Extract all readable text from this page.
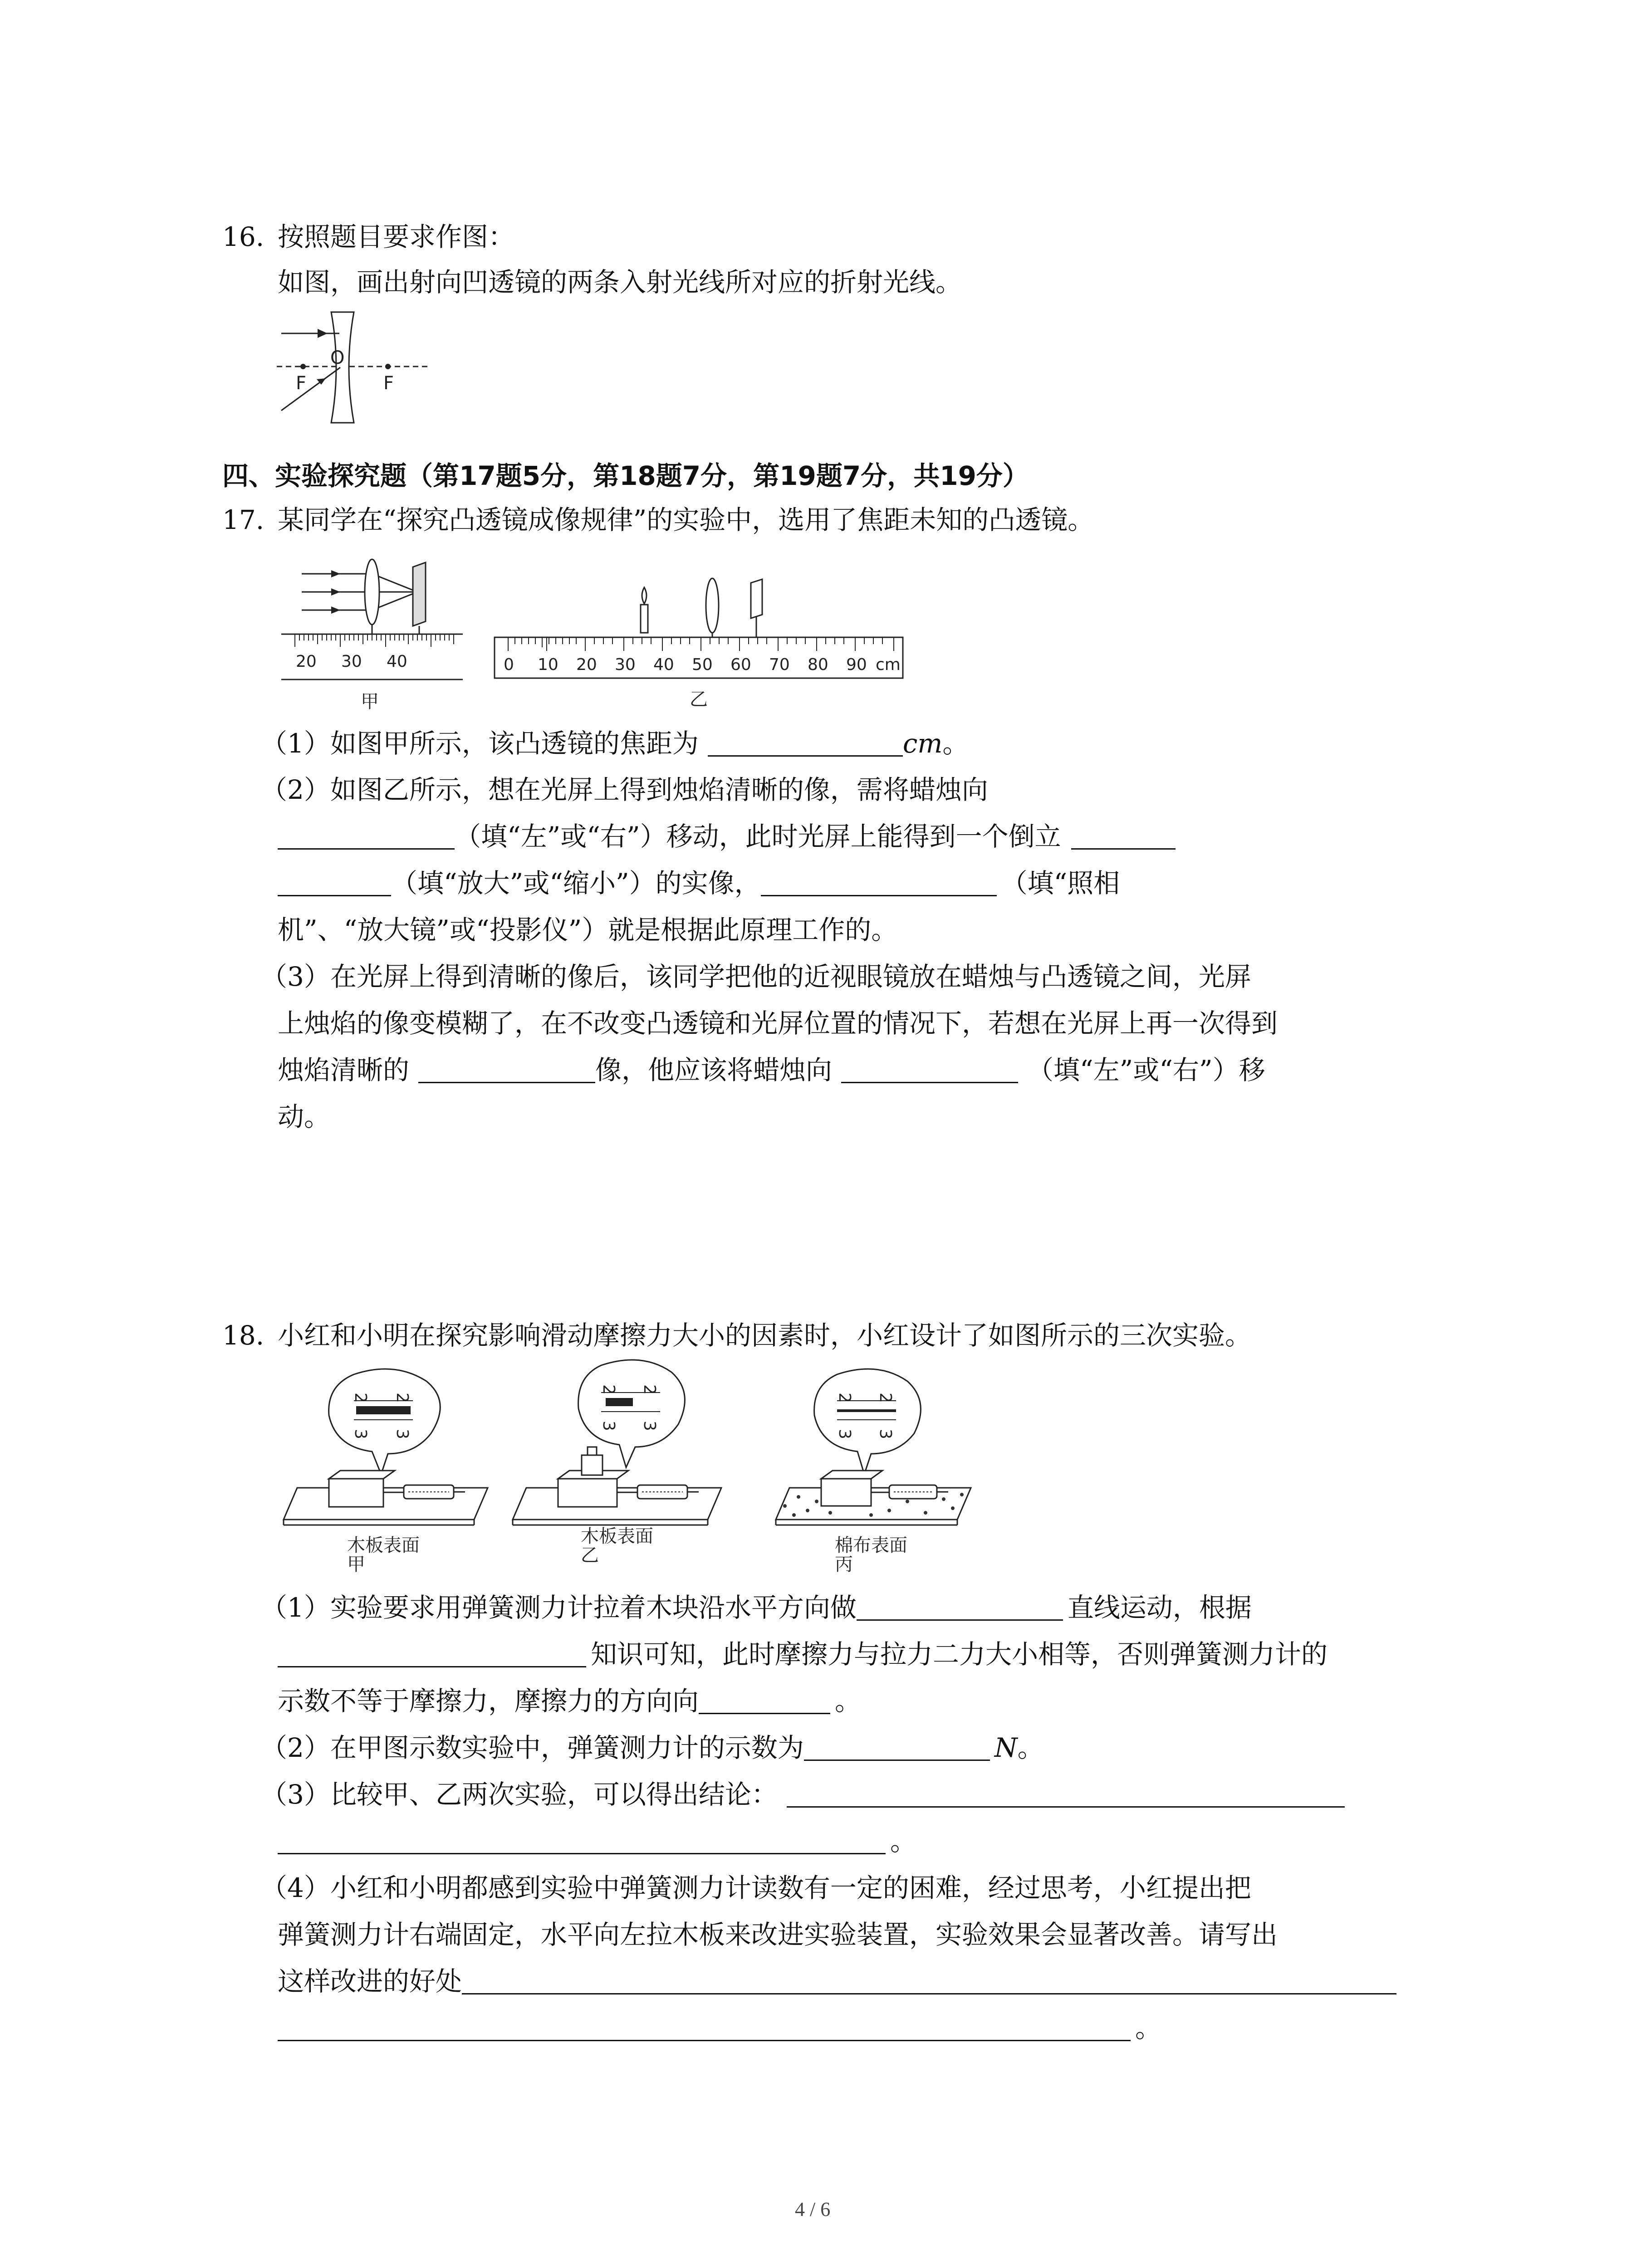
16. 按照题目要求作图：
如图，画出射向凹透镜的两条入射光线所对应的折射光线。
O
F	F
四、实验探究题（第17题5分，第18题7分，第19题7分，共19分）
17. 某同学在“探究凸透镜成像规律”的实验中，选用了焦距未知的凸透镜。
20 30 40
甲
0 10 20 30 40 50 60 70 80 90 cm
乙
（1）如图甲所示，该凸透镜的焦距为	cm。
（2）如图乙所示，想在光屏上得到烛焰清晰的像，需将蜡烛向
（填“左”或“右”）移动，此时光屏上能得到一个倒立
（填“放大”或“缩小”）的实像，	（填“照相
机”、“放大镜”或“投影仪”）就是根据此原理工作的。
（3）在光屏上得到清晰的像后，该同学把他的近视眼镜放在蜡烛与凸透镜之间，光屏
上烛焰的像变模糊了，在不改变凸透镜和光屏位置的情况下，若想在光屏上再一次得到
烛焰清晰的	像，他应该将蜡烛向	（填“左”或“右”）移
动。
18. 小红和小明在探究影响滑动摩擦力大小的因素时，小红设计了如图所示的三次实验。
2
3
2
3
木板表面
甲
2
3
2
3
木板表面
乙
2
3
2
3
棉布表面
丙
（1）实验要求用弹簧测力计拉着木块沿水平方向做	直线运动，根据
知识可知，此时摩擦力与拉力二力大小相等，否则弹簧测力计的
示数不等于摩擦力，摩擦力的方向向	。
（2）在甲图示数实验中，弹簧测力计的示数为	N。
（3）比较甲、乙两次实验，可以得出结论：
。
（4）小红和小明都感到实验中弹簧测力计读数有一定的困难，经过思考，小红提出把
弹簧测力计右端固定，水平向左拉木板来改进实验装置，实验效果会显著改善。请写出
这样改进的好处
。
4 / 6
